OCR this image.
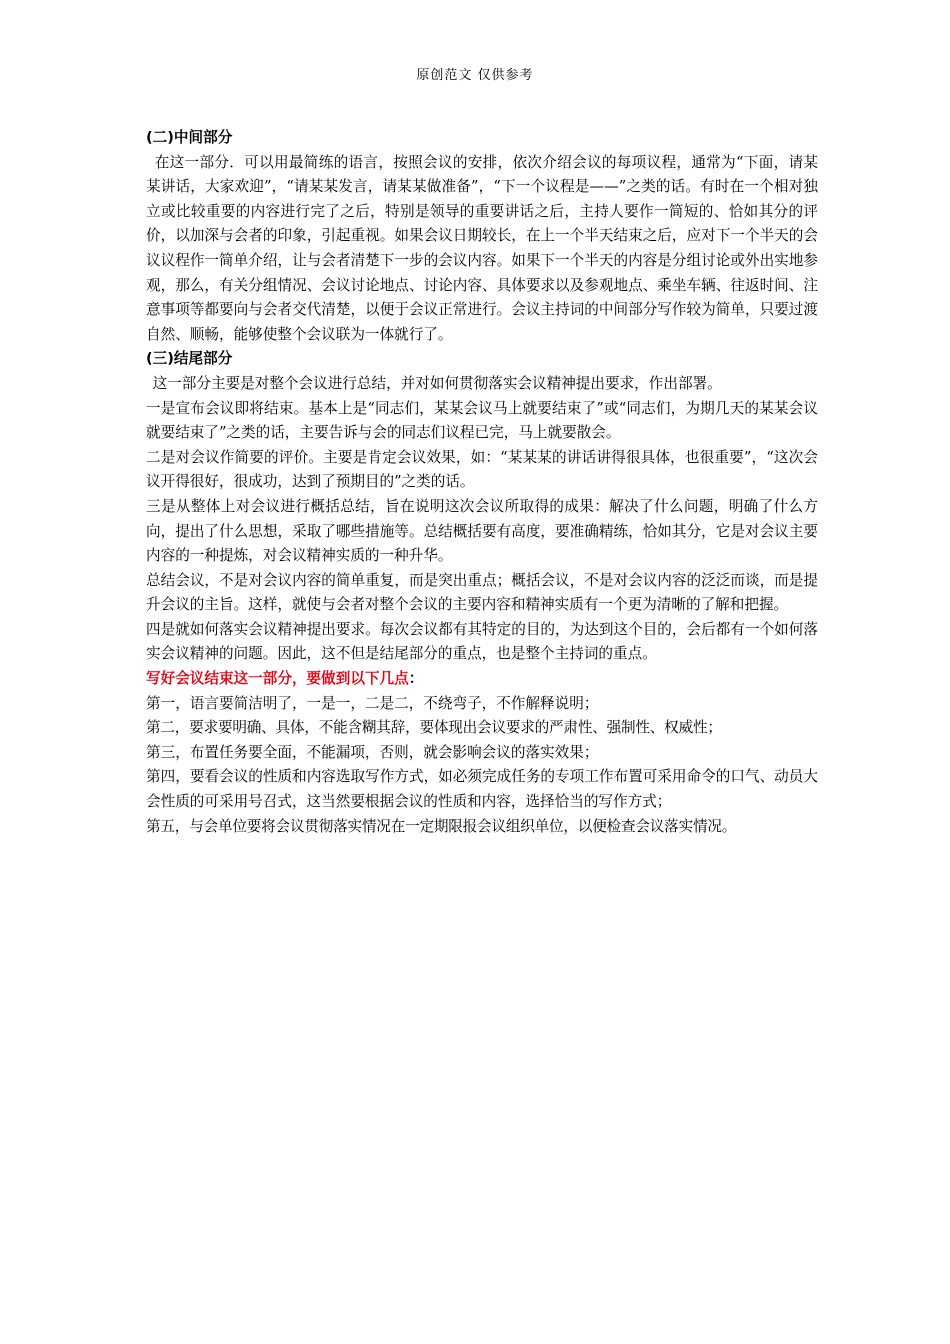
原创范文 仅供参考

(二)中间部分

在这一部分．可以用最简练的语言，按照会议的安排，依次介绍会议的每项议程，通常为“下面，请某某讲话，大家欢迎”，“请某某发言，请某某做准备”，“下一个议程是——”之类的话。有时在一个相对独立或比较重要的内容进行完了之后，特别是领导的重要讲话之后，主持人要作一简短的、恰如其分的评价，以加深与会者的印象，引起重视。如果会议日期较长，在上一个半天结束之后，应对下一个半天的会议议程作一简单介绍，让与会者清楚下一步的会议内容。如果下一个半天的内容是分组讨论或外出实地参观，那么，有关分组情况、会议讨论地点、讨论内容、具体要求以及参观地点、乘坐车辆、往返时间、注意事项等都要向与会者交代清楚，以便于会议正常进行。会议主持词的中间部分写作较为简单，只要过渡自然、顺畅，能够使整个会议联为一体就行了。

(三)结尾部分

这一部分主要是对整个会议进行总结，并对如何贯彻落实会议精神提出要求，作出部署。

一是宣布会议即将结束。基本上是“同志们，某某会议马上就要结束了”或“同志们，为期几天的某某会议就要结束了”之类的话，主要告诉与会的同志们议程已完，马上就要散会。

二是对会议作简要的评价。主要是肯定会议效果，如：“某某某的讲话讲得很具体，也很重要”，“这次会议开得很好，很成功，达到了预期目的”之类的话。

三是从整体上对会议进行概括总结，旨在说明这次会议所取得的成果：解决了什么问题，明确了什么方向，提出了什么思想，采取了哪些措施等。总结概括要有高度，要准确精练，恰如其分，它是对会议主要内容的一种提炼，对会议精神实质的一种升华。

总结会议，不是对会议内容的简单重复，而是突出重点；概括会议，不是对会议内容的泛泛而谈，而是提升会议的主旨。这样，就使与会者对整个会议的主要内容和精神实质有一个更为清晰的了解和把握。

四是就如何落实会议精神提出要求。每次会议都有其特定的目的，为达到这个目的，会后都有一个如何落实会议精神的问题。因此，这不但是结尾部分的重点，也是整个主持词的重点。

写好会议结束这一部分，要做到以下几点：

第一，语言要简洁明了，一是一，二是二，不绕弯子，不作解释说明；

第二，要求要明确、具体，不能含糊其辞，要体现出会议要求的严肃性、强制性、权威性；

第三，布置任务要全面，不能漏项，否则，就会影响会议的落实效果；

第四，要看会议的性质和内容选取写作方式，如必须完成任务的专项工作布置可采用命令的口气、动员大会性质的可采用号召式，这当然要根据会议的性质和内容，选择恰当的写作方式；

第五，与会单位要将会议贯彻落实情况在一定期限报会议组织单位，以便检查会议落实情况。
